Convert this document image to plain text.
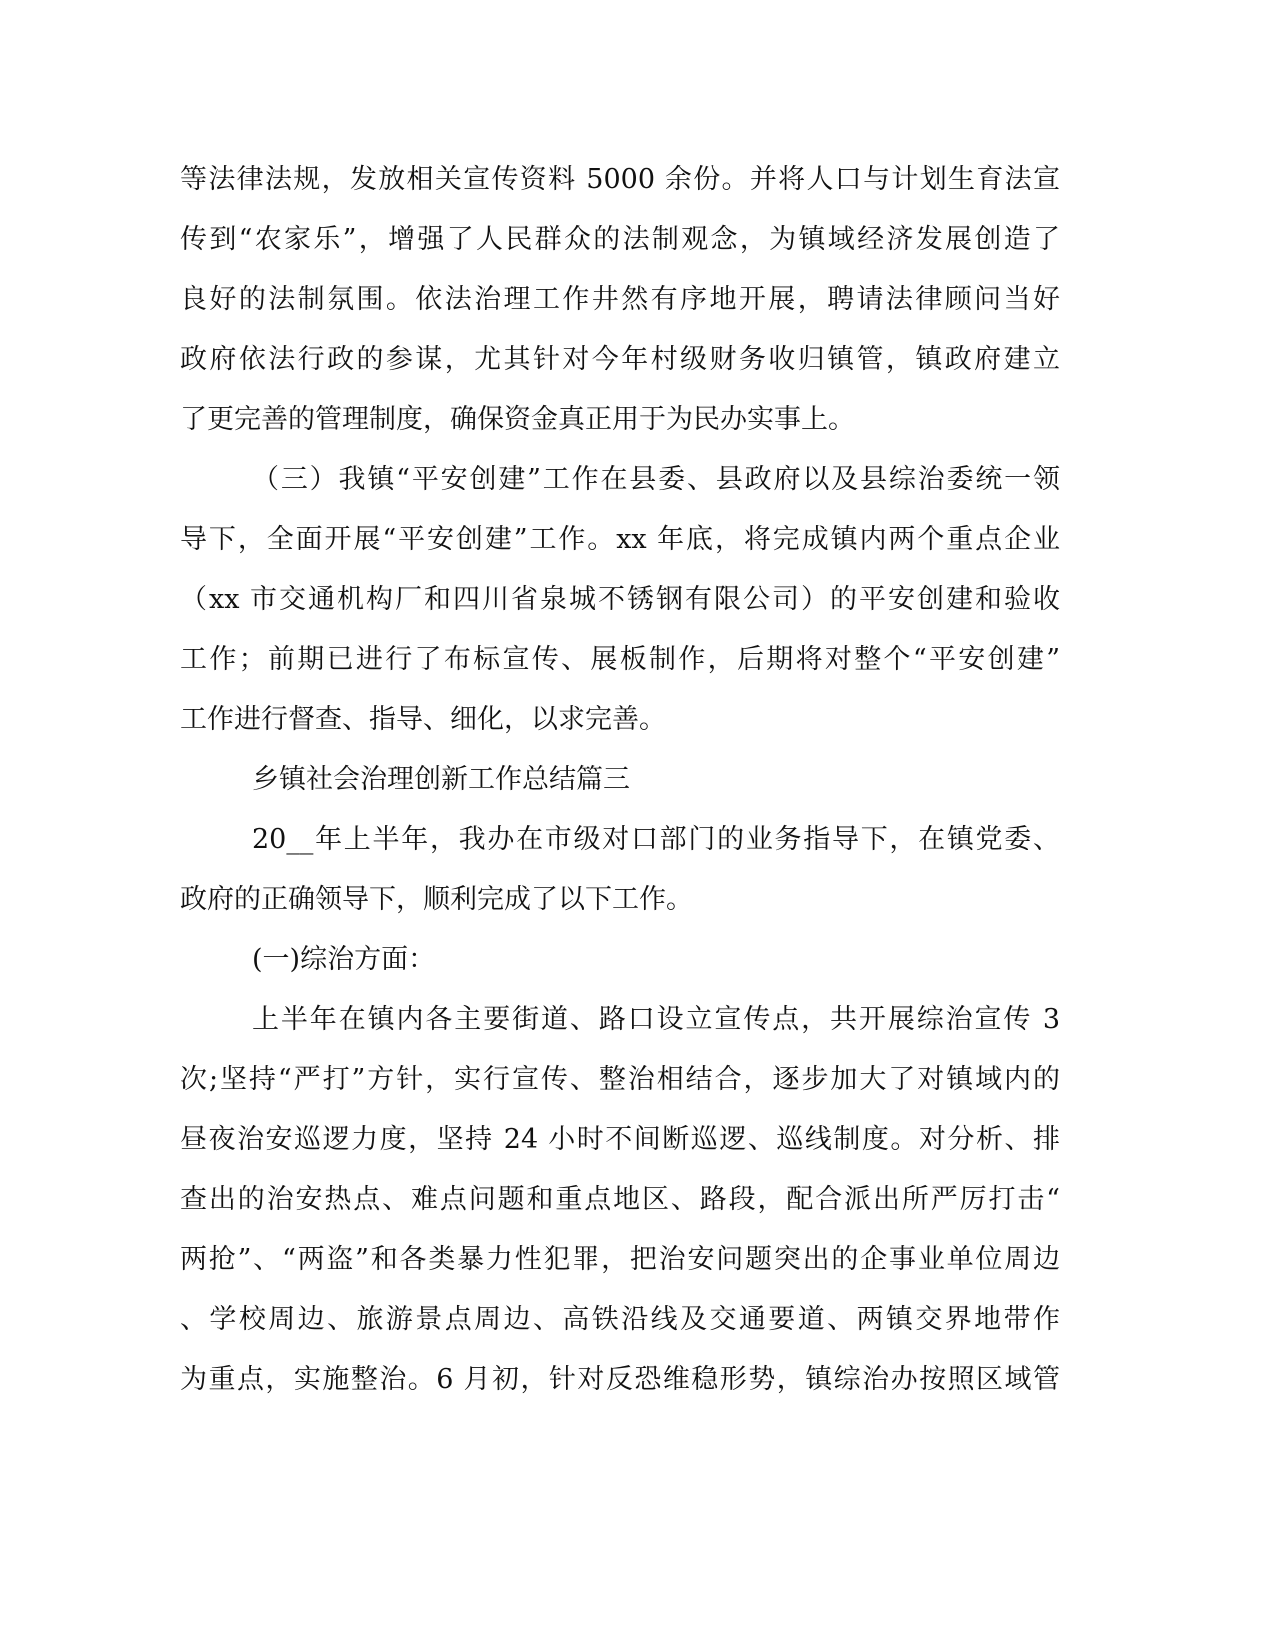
等法律法规，发放相关宣传资料 5000 余份。并将人口与计划生育法宣
传到“农家乐”，增强了人民群众的法制观念，为镇域经济发展创造了
良好的法制氛围。依法治理工作井然有序地开展，聘请法律顾问当好
政府依法行政的参谋，尤其针对今年村级财务收归镇管，镇政府建立
了更完善的管理制度，确保资金真正用于为民办实事上。
（三）我镇“平安创建”工作在县委、县政府以及县综治委统一领
导下，全面开展“平安创建”工作。xx 年底，将完成镇内两个重点企业
（xx 市交通机构厂和四川省泉城不锈钢有限公司）的平安创建和验收
工作；前期已进行了布标宣传、展板制作，后期将对整个“平安创建”
工作进行督查、指导、细化，以求完善。
乡镇社会治理创新工作总结篇三
20__年上半年，我办在市级对口部门的业务指导下，在镇党委、
政府的正确领导下，顺利完成了以下工作。
(一)综治方面：
上半年在镇内各主要街道、路口设立宣传点，共开展综治宣传 3
次;坚持“严打”方针，实行宣传、整治相结合，逐步加大了对镇域内的
昼夜治安巡逻力度，坚持 24 小时不间断巡逻、巡线制度。对分析、排
查出的治安热点、难点问题和重点地区、路段，配合派出所严厉打击“
两抢”、“两盗”和各类暴力性犯罪，把治安问题突出的企事业单位周边
、学校周边、旅游景点周边、高铁沿线及交通要道、两镇交界地带作
为重点，实施整治。6 月初，针对反恐维稳形势，镇综治办按照区域管
